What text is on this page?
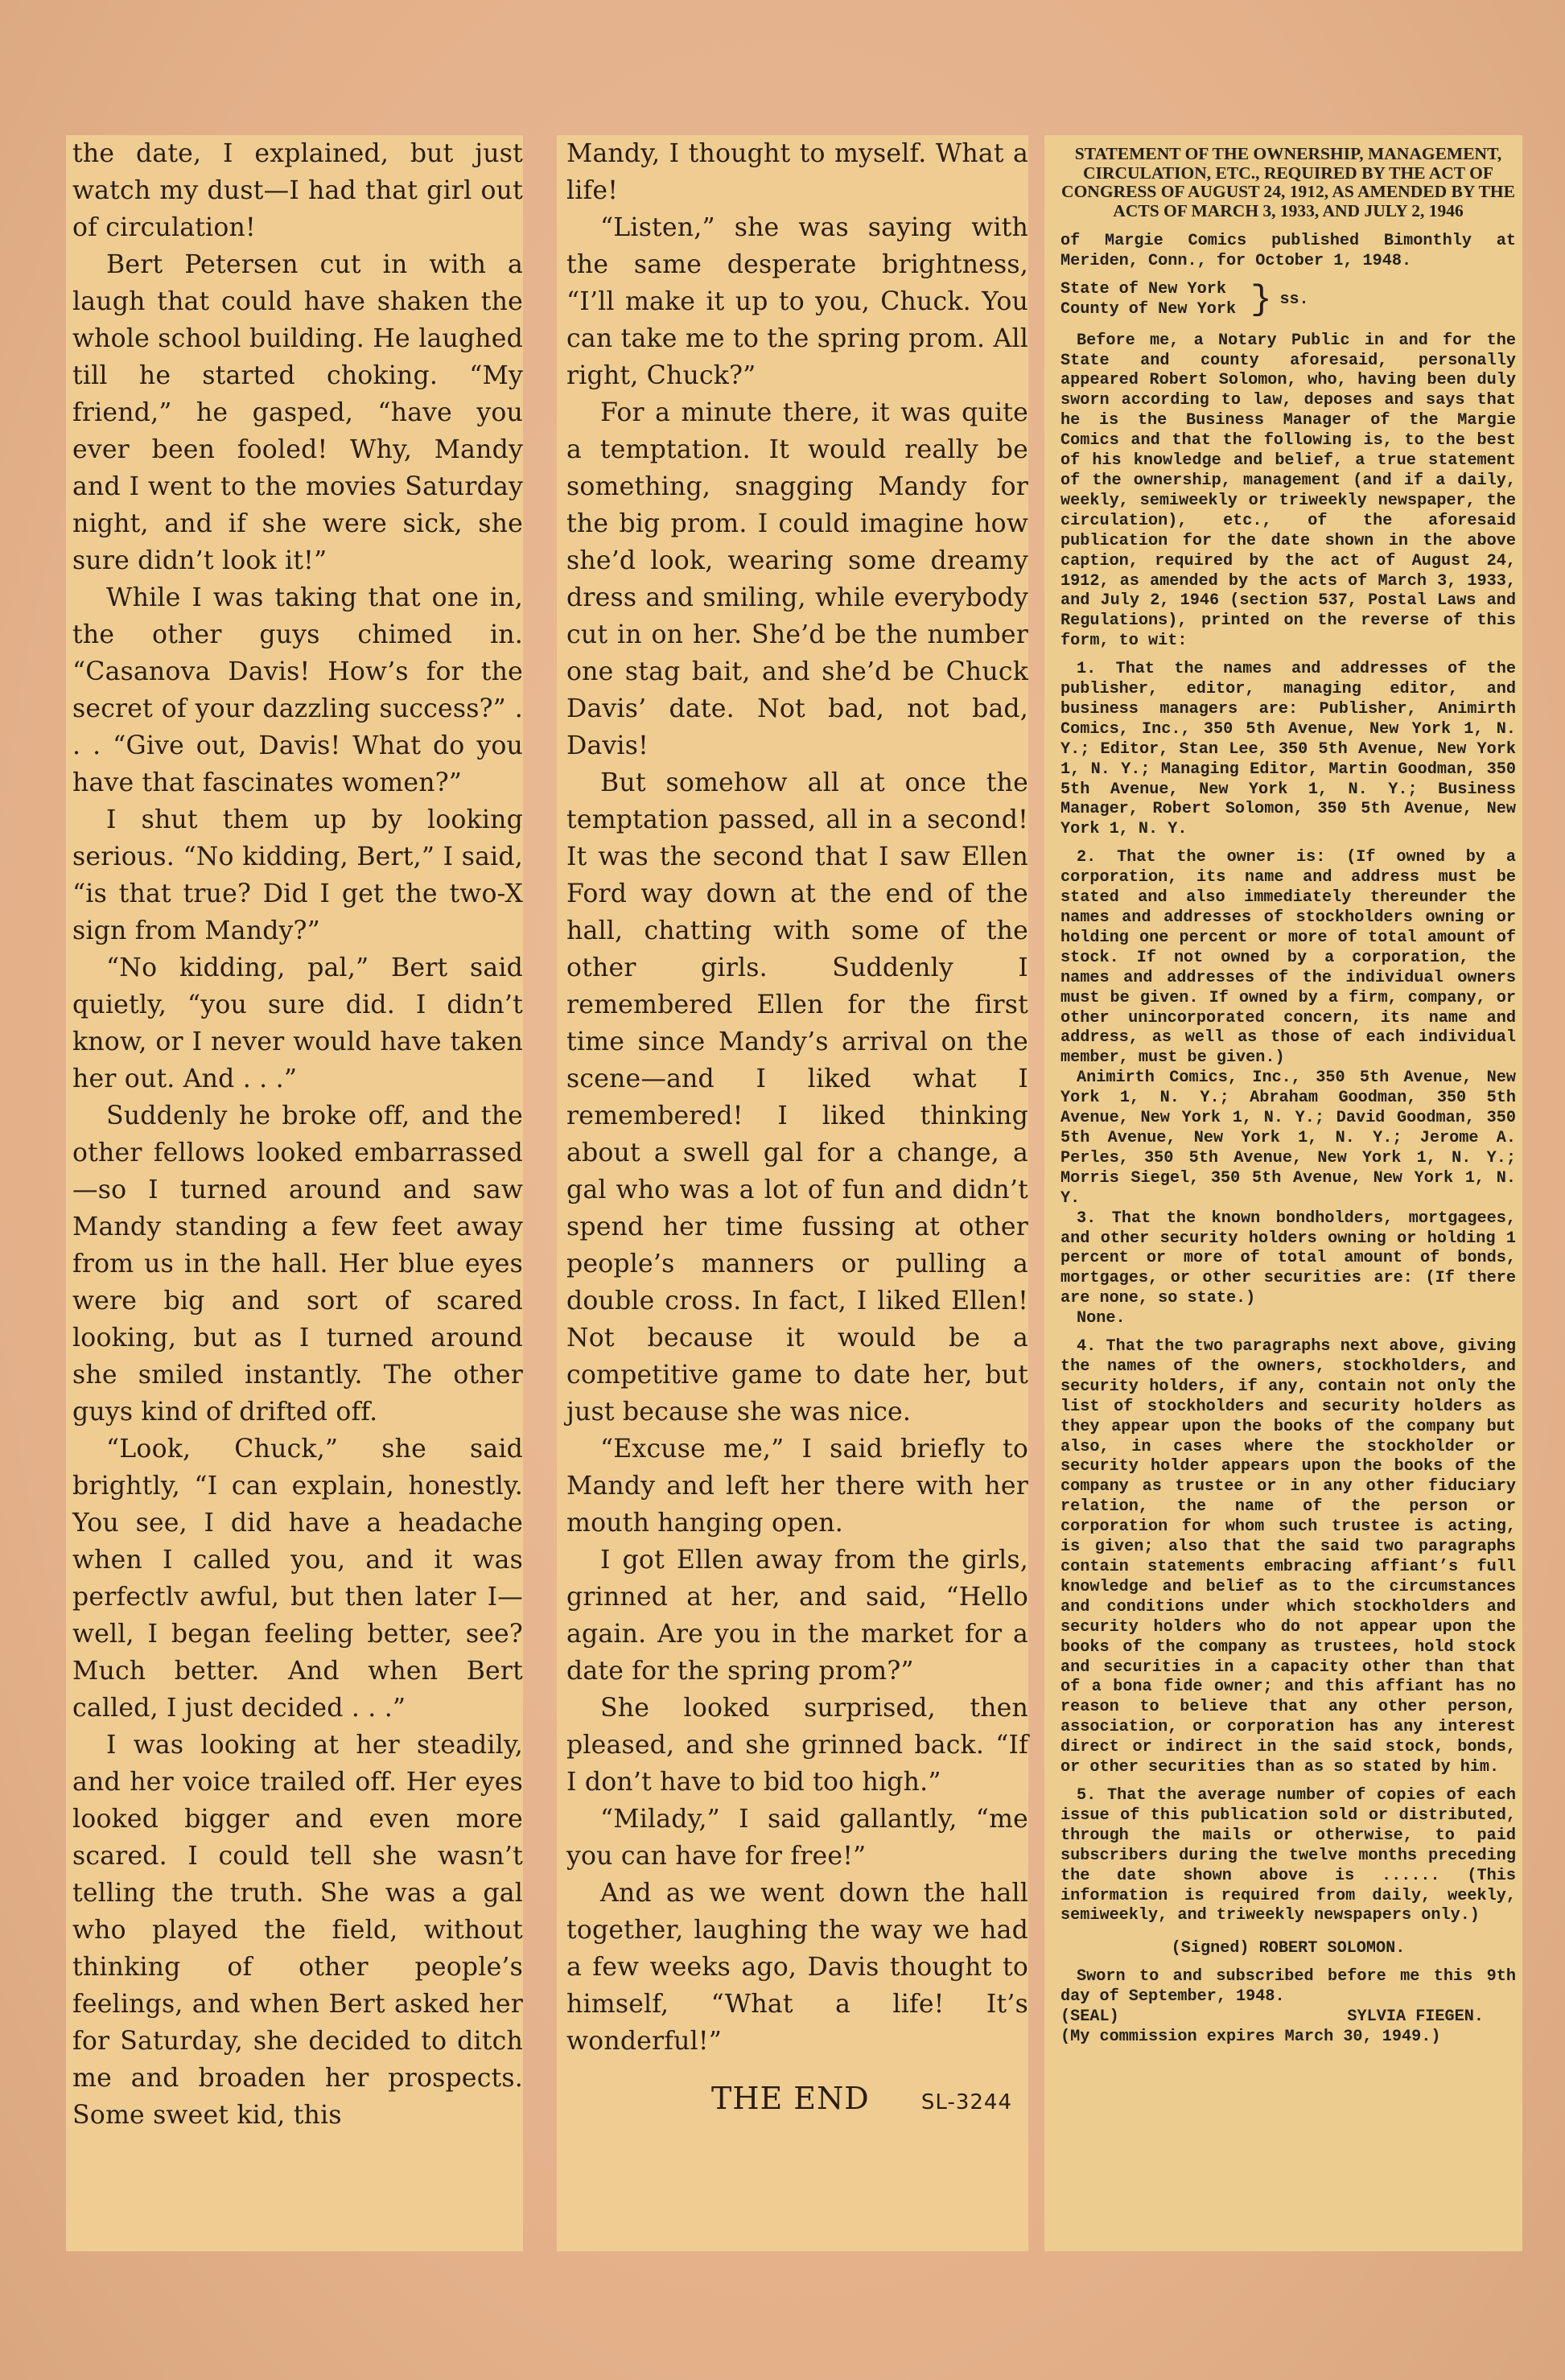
the date, I explained, but just watch my dust—I had that girl out of circulation!

Bert Petersen cut in with a laugh that could have shaken the whole school building. He laughed till he started choking. “My friend,” he gasped, “have you ever been fooled! Why, Mandy and I went to the movies Saturday night, and if she were sick, she sure didn’t look it!”

While I was taking that one in, the other guys chimed in. “Casanova Davis! How’s for the secret of your dazzling success?” . . . “Give out, Davis! What do you have that fascinates women?”

I shut them up by looking serious. “No kidding, Bert,” I said, “is that true? Did I get the two-X sign from Mandy?”

“No kidding, pal,” Bert said quietly, “you sure did. I didn’t know, or I never would have taken her out. And . . .”

Suddenly he broke off, and the other fellows looked embarrassed—so I turned around and saw Mandy standing a few feet away from us in the hall. Her blue eyes were big and sort of scared looking, but as I turned around she smiled instantly. The other guys kind of drifted off.

“Look, Chuck,” she said brightly, “I can explain, honestly. You see, I did have a headache when I called you, and it was perfectlv awful, but then later I—well, I began feeling better, see? Much better. And when Bert called, I just decided . . .”

I was looking at her steadily, and her voice trailed off. Her eyes looked bigger and even more scared. I could tell she wasn’t telling the truth. She was a gal who played the field, without thinking of other people’s feelings, and when Bert asked her for Saturday, she decided to ditch me and broaden her prospects. Some sweet kid, this

Mandy, I thought to myself. What a life!

“Listen,” she was saying with the same desperate brightness, “I’ll make it up to you, Chuck. You can take me to the spring prom. All right, Chuck?”

For a minute there, it was quite a temptation. It would really be something, snagging Mandy for the big prom. I could imagine how she’d look, wearing some dreamy dress and smiling, while everybody cut in on her. She’d be the number one stag bait, and she’d be Chuck Davis’ date. Not bad, not bad, Davis!

But somehow all at once the temptation passed, all in a second! It was the second that I saw Ellen Ford way down at the end of the hall, chatting with some of the other girls. Suddenly I remembered Ellen for the first time since Mandy’s arrival on the scene—and I liked what I remembered! I liked thinking about a swell gal for a change, a gal who was a lot of fun and didn’t spend her time fussing at other people’s manners or pulling a double cross. In fact, I liked Ellen! Not because it would be a competitive game to date her, but just because she was nice.

“Excuse me,” I said briefly to Mandy and left her there with her mouth hanging open.

I got Ellen away from the girls, grinned at her, and said, “Hello again. Are you in the market for a date for the spring prom?”

She looked surprised, then pleased, and she grinned back. “If I don’t have to bid too high.”

“Milady,” I said gallantly, “me you can have for free!”

And as we went down the hall together, laughing the way we had a few weeks ago, Davis thought to himself, “What a life! It’s wonderful!”

THE END SL-3244
STATEMENT OF THE OWNERSHIP, MANAGEMENT, CIRCULATION, ETC., REQUIRED BY THE ACT OF CONGRESS OF AUGUST 24, 1912, AS AMENDED BY THE ACTS OF MARCH 3, 1933, AND JULY 2, 1946

of Margie Comics published Bimonthly at Meriden, Conn., for October 1, 1948.

State of New York

County of New York } ss.

Before me, a Notary Public in and for the State and county aforesaid, personally appeared Robert Solomon, who, having been duly sworn according to law, deposes and says that he is the Business Manager of the Margie Comics and that the following is, to the best of his knowledge and belief, a true statement of the ownership, management (and if a daily, weekly, semiweekly or triweekly newspaper, the circulation), etc., of the aforesaid publication for the date shown in the above caption, required by the act of August 24, 1912, as amended by the acts of March 3, 1933, and July 2, 1946 (section 537, Postal Laws and Regulations), printed on the reverse of this form, to wit:

1. That the names and addresses of the publisher, editor, managing editor, and business managers are: Publisher, Animirth Comics, Inc., 350 5th Avenue, New York 1, N. Y.; Editor, Stan Lee, 350 5th Avenue, New York 1, N. Y.; Managing Editor, Martin Goodman, 350 5th Avenue, New York 1, N. Y.; Business Manager, Robert Solomon, 350 5th Avenue, New York 1, N. Y.

2. That the owner is: (If owned by a corporation, its name and address must be stated and also immediately thereunder the names and addresses of stockholders owning or holding one percent or more of total amount of stock. If not owned by a corporation, the names and addresses of the individual owners must be given. If owned by a firm, company, or other unincorporated concern, its name and address, as well as those of each individual member, must be given.)

Animirth Comics, Inc., 350 5th Avenue, New York 1, N. Y.; Abraham Goodman, 350 5th Avenue, New York 1, N. Y.; David Goodman, 350 5th Avenue, New York 1, N. Y.; Jerome A. Perles, 350 5th Avenue, New York 1, N. Y.; Morris Siegel, 350 5th Avenue, New York 1, N. Y.

3. That the known bondholders, mortgagees, and other security holders owning or holding 1 percent or more of total amount of bonds, mortgages, or other securities are: (If there are none, so state.)

None.

4. That the two paragraphs next above, giving the names of the owners, stockholders, and security holders, if any, contain not only the list of stockholders and security holders as they appear upon the books of the company but also, in cases where the stockholder or security holder appears upon the books of the company as trustee or in any other fiduciary relation, the name of the person or corporation for whom such trustee is acting, is given; also that the said two paragraphs contain statements embracing affiant’s full knowledge and belief as to the circumstances and conditions under which stockholders and security holders who do not appear upon the books of the company as trustees, hold stock and securities in a capacity other than that of a bona fide owner; and this affiant has no reason to believe that any other person, association, or corporation has any interest direct or indirect in the said stock, bonds, or other securities than as so stated by him.

5. That the average number of copies of each issue of this publication sold or distributed, through the mails or otherwise, to paid subscribers during the twelve months preceding the date shown above is ...... (This information is required from daily, weekly, semiweekly, and triweekly newspapers only.)

(Signed) ROBERT SOLOMON.

Sworn to and subscribed before me this 9th day of September, 1948.

(SEAL)	SYLVIA FIEGEN.

(My commission expires March 30, 1949.)
